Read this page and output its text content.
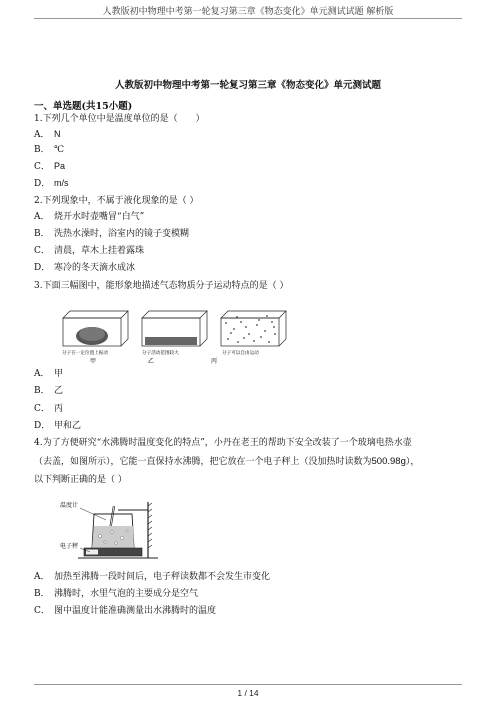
人教版初中物理中考第一轮复习第三章《物态变化》单元测试试题 解析版
人教版初中物理中考第一轮复习第三章《物态变化》单元测试题
一、单选题(共15小题)
1.下列几个单位中是温度单位的是（　　）
A． N
B． ℃
C． Pa
D． m/s
2.下列现象中，不属于液化现象的是（ ）
A． 烧开水时壶嘴冒“白气”
B． 洗热水澡时，浴室内的镜子变模糊
C． 清晨，草木上挂着露珠
D． 寒冷的冬天滴水成冰
3.下面三幅图中，能形象地描述气态物质分子运动特点的是（ ）
分子在一定位置上振动	分子活动范围较大	分子可以自由运动
甲	乙	丙
A． 甲
B． 乙
C． 丙
D． 甲和乙
4.为了方便研究“水沸腾时温度变化的特点”，小丹在老王的帮助下安全改装了一个玻璃电热水壶
（去盖，如图所示），它能一直保持水沸腾，把它放在一个电子秤上（没加热时读数为500.98g），
以下判断正确的是（ ）
温度计
电子秤
A． 加热至沸腾一段时间后，电子秤读数都不会发生市变化
B． 沸腾时，水里气泡的主要成分是空气
C． 图中温度计能准确测量出水沸腾时的温度
1 / 14
